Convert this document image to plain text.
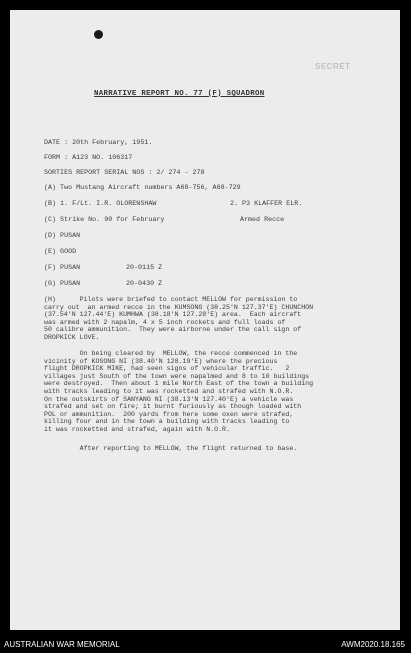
SECRET
NARRATIVE REPORT NO. 77 (F) SQUADRON
DATE : 20th February, 1951.
FORM : A123 NO. 106317
SORTIES REPORT SERIAL NOS : 2/ 274 - 278
(A) Two Mustang Aircraft numbers A68-756, A68-729
(B) 1. F/Lt. I.R. OLORENSHAW	2. P3 KLAFFER ELR.
(C) Strike No. 90 for February	Armed Recce
(D) PUSAN
(E) GOOD
(F) PUSAN	20-0115 Z
(G) PUSAN	20-0430 Z
(H)      Pilots were briefed to contact MELLOW for permission to
carry out  an armed recce in the KUMSONG (38.25'N 127.37'E) CHUNCHON
(37.54'N 127.44'E) KUMHWA (38.18'N 127.28'E) area.  Each aircraft
was armed with 2 napalm, 4 x 5 inch rockets and full loads of
50 calibre ammunition.  They were airborne under the call sign of
DROPKICK LOVE.
On being cleared by  MELLOW, the recce commenced in the
vicinity of KOSONG NI (38.40'N 128.19'E) where the precious
flight DROPKICK MIKE, had seen signs of vehicular traffic.   2
villages just South of the town were napalmed and 8 to 10 buildings
were destroyed.  Then about 1 mile North East of the town a building
with tracks leading to it was rocketted and strafed with N.O.R.
On the outskirts of SANYANG NI (38.13'N 127.40'E) a vehicle was
strafed and set on fire; it burnt furiously as though loaded with
POL or ammunition.  200 yards from here some oxen were strafed,
killing four and in the town a building with tracks leading to
it was rocketted and strafed, again with N.O.R.
After reporting to MELLOW, the flight returned to base.
AUSTRALIAN WAR MEMORIAL	AWM2020.18.165
